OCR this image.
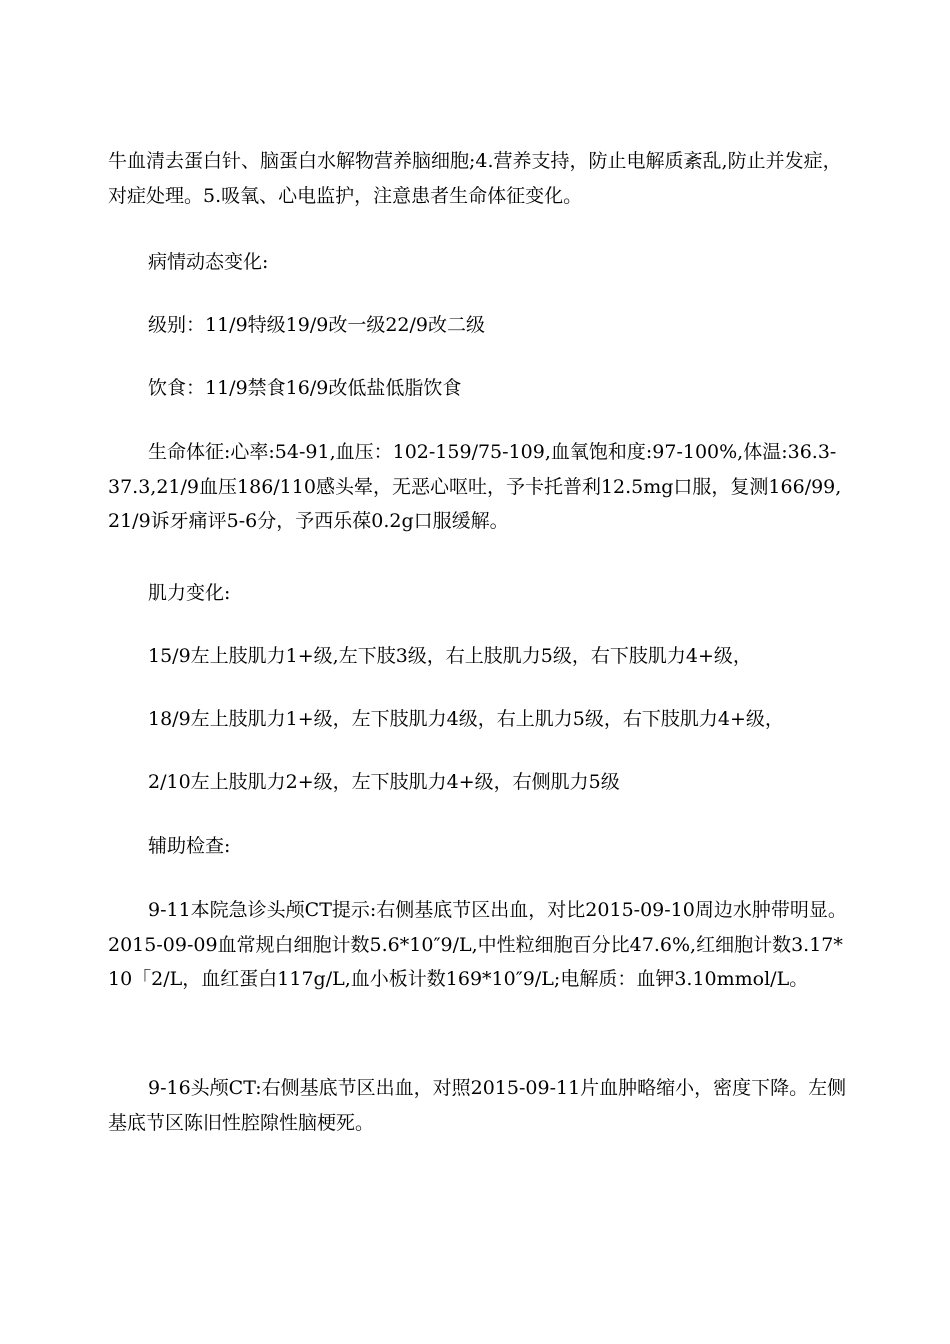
牛血清去蛋白针、脑蛋白水解物营养脑细胞;4.营养支持，防止电解质紊乱,防止并发症，对症处理。5.吸氧、心电监护，注意患者生命体征变化。

病情动态变化:

级别：11/9特级19/9改一级22/9改二级

饮食：11/9禁食16/9改低盐低脂饮食

生命体征:心率:54-91,血压：102-159/75-109,血氧饱和度:97-100%,体温:36.3-37.3,21/9血压186/110感头晕，无恶心呕吐，予卡托普利12.5mg口服，复测166/99,21/9诉牙痛评5-6分，予西乐葆0.2g口服缓解。

肌力变化:

15/9左上肢肌力1+级,左下肢3级，右上肢肌力5级，右下肢肌力4+级，

18/9左上肢肌力1+级，左下肢肌力4级，右上肌力5级，右下肢肌力4+级，

2/10左上肢肌力2+级，左下肢肌力4+级，右侧肌力5级

辅助检查:

9-11本院急诊头颅CT提示:右侧基底节区出血，对比2015-09-10周边水肿带明显。2015-09-09血常规白细胞计数5.6*10″9/L,中性粒细胞百分比47.6%,红细胞计数3.17*10「2/L，血红蛋白117g/L,血小板计数169*10″9/L;电解质：血钾3.10mmol/L。

9-16头颅CT:右侧基底节区出血，对照2015-09-11片血肿略缩小，密度下降。左侧基底节区陈旧性腔隙性脑梗死。
